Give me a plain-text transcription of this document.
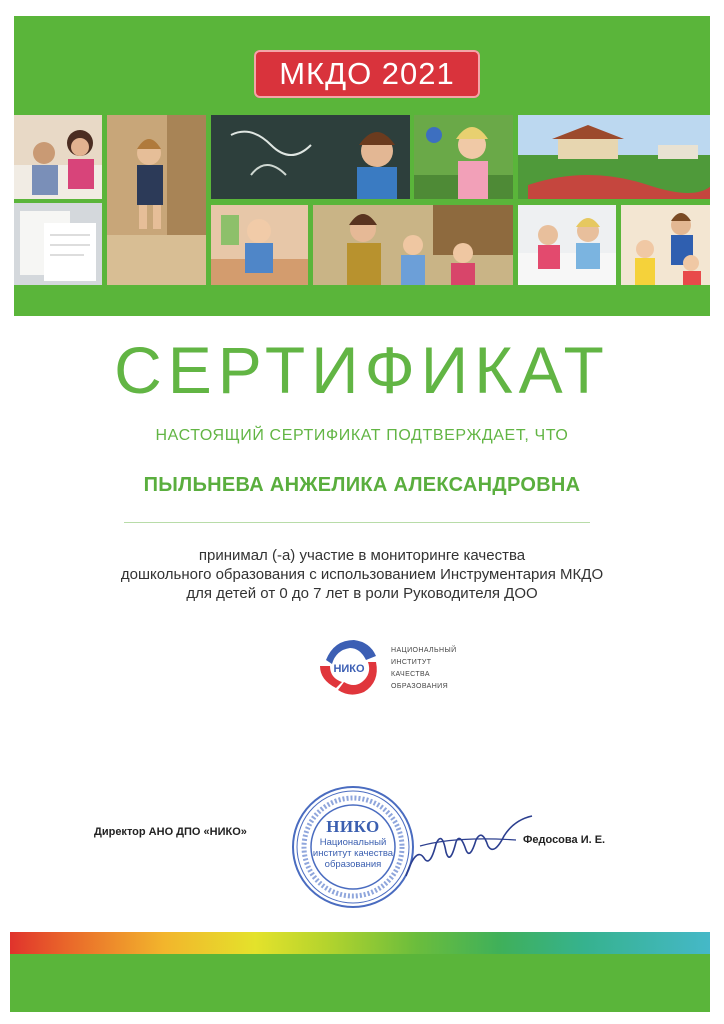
МКДО 2021
СЕРТИФИКАТ
НАСТОЯЩИЙ СЕРТИФИКАТ ПОДТВЕРЖДАЕТ, ЧТО
ПЫЛЬНЕВА АНЖЕЛИКА АЛЕКСАНДРОВНА
принимал (-а) участие в мониторинге качества
дошкольного образования с использованием Инструментария МКДО
для детей от 0 до 7 лет в роли Руководителя ДОО
НИКО
НАЦИОНАЛЬНЫЙ
ИНСТИТУТ
КАЧЕСТВА
ОБРАЗОВАНИЯ
Директор АНО ДПО «НИКО»	НИКО
Национальный
институт качества
образования
Федосова И. Е.
